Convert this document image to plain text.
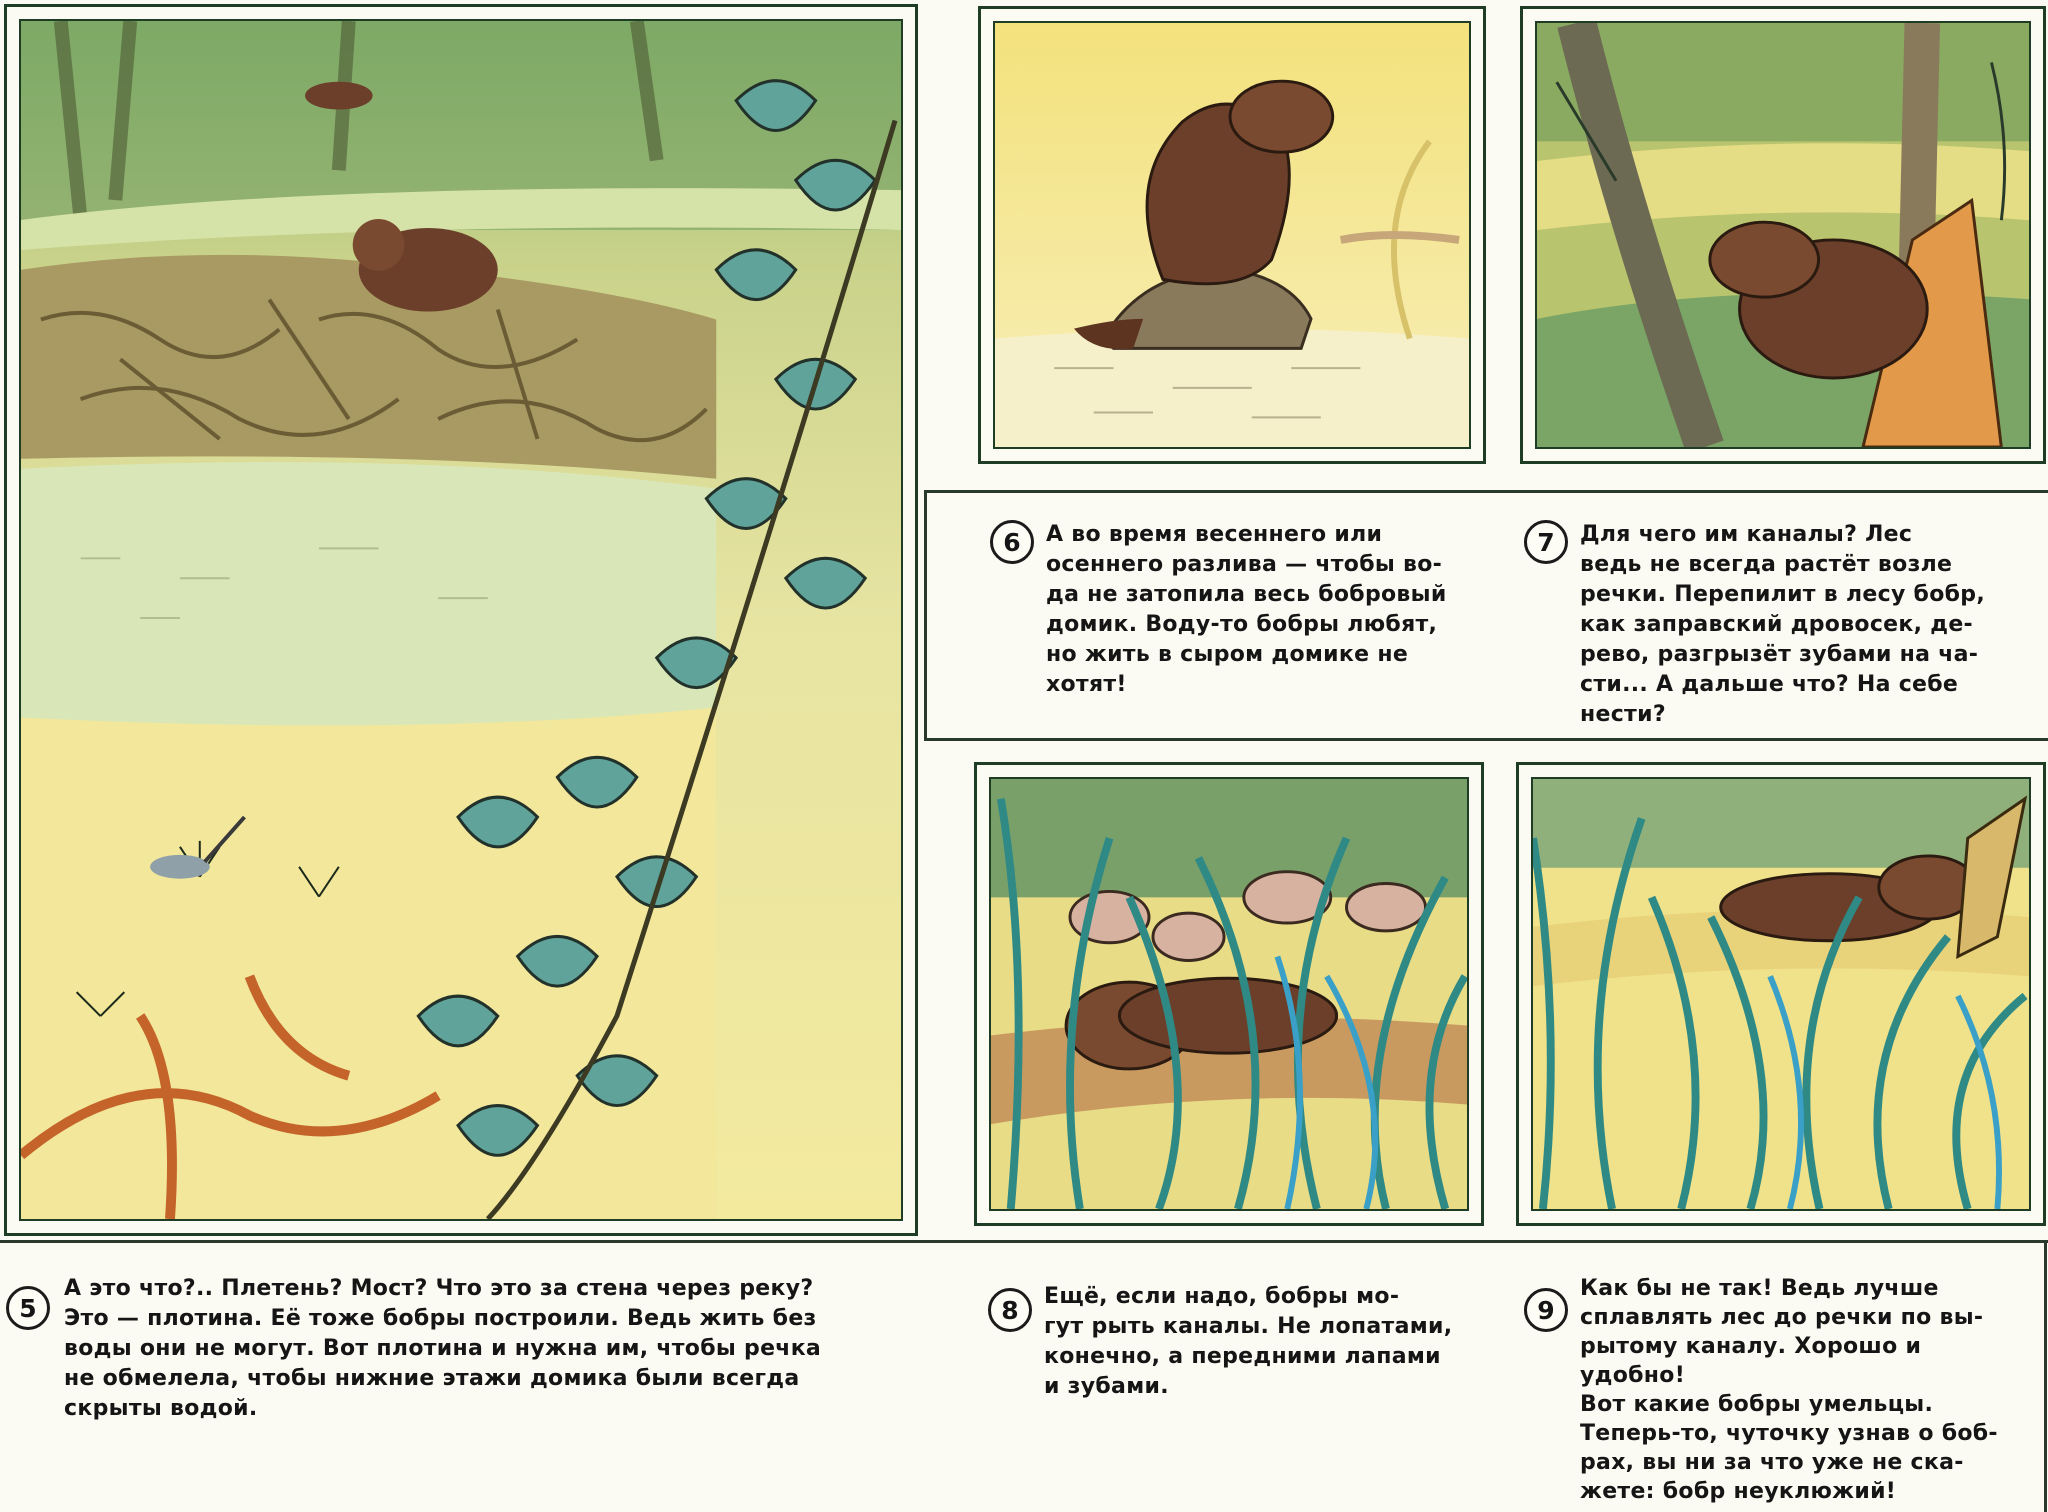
6	А во время весеннего или
осеннего разлива — чтобы во-
да не затопила весь бобровый
домик. Воду-то бобры любят,
но жить в сыром домике не
хотят!
7	Для чего им каналы? Лес
ведь не всегда растёт возле
речки. Перепилит в лесу бобр,
как заправский дровосек, де-
рево, разгрызёт зубами на ча-
сти... А дальше что? На себе
нести?
5
А это что?.. Плетень? Мост? Что это за стена через реку?
Это — плотина. Её тоже бобры построили. Ведь жить без
воды они не могут. Вот плотина и нужна им, чтобы речка
не обмелела, чтобы нижние этажи домика были всегда
скрыты водой.
8	Ещё, если надо, бобры мо-
гут рыть каналы. Не лопатами,
конечно, а передними лапами
и зубами.
9
Как бы не так! Ведь лучше
сплавлять лес до речки по вы-
рытому каналу. Хорошо и
удобно!
Вот какие бобры умельцы.
Теперь-то, чуточку узнав о боб-
рах, вы ни за что уже не ска-
жете: бобр неуклюжий!
